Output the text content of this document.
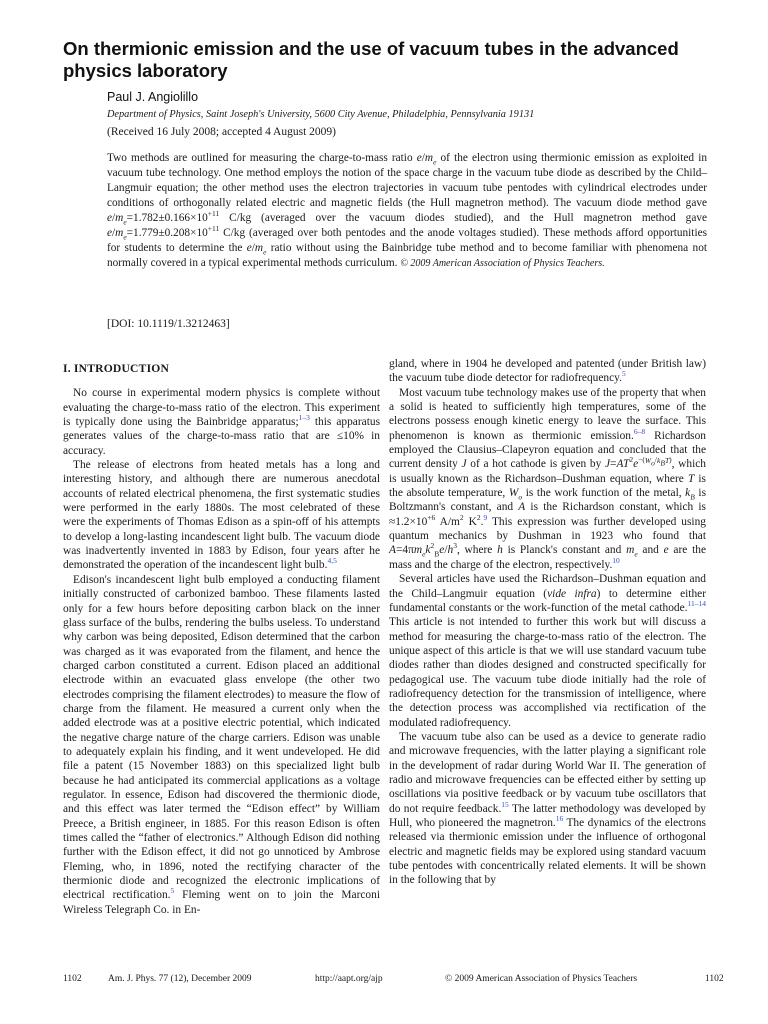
On thermionic emission and the use of vacuum tubes in the advanced physics laboratory
Paul J. Angiolillo
Department of Physics, Saint Joseph's University, 5600 City Avenue, Philadelphia, Pennsylvania 19131
(Received 16 July 2008; accepted 4 August 2009)

Two methods are outlined for measuring the charge-to-mass ratio $e/m_e$ of the electron using thermionic emission as exploited in vacuum tube technology. One method employs the notion of the space charge in the vacuum tube diode as described by the Child–Langmuir equation; the other method uses the electron trajectories in vacuum tube pentodes with cylindrical electrodes under conditions of orthogonally related electric and magnetic fields (the Hull magnetron method). The vacuum diode method gave $e/m_e=1.782\pm 0.166\times 10^{+11}$ C/kg (averaged over the vacuum diodes studied), and the Hull magnetron method gave $e/m_e=1.779\pm 0.208\times 10^{+11}$ C/kg (averaged over both pentodes and the anode voltages studied). These methods afford opportunities for students to determine the $e/m_e$ ratio without using the Bainbridge tube method and to become familiar with phenomena not normally covered in a typical experimental methods curriculum. © 2009 American Association of Physics Teachers.

[DOI: 10.1119/1.3212463]
I. INTRODUCTION

No course in experimental modern physics is complete without evaluating the charge-to-mass ratio of the electron. This experiment is typically done using the Bainbridge apparatus;$^{1-3}$ this apparatus generates values of the charge-to-mass ratio that are ≤10% in accuracy.

The release of electrons from heated metals has a long and interesting history, and although there are numerous anecdotal accounts of related electrical phenomena, the first systematic studies were performed in the early 1880s. The most celebrated of these were the experiments of Thomas Edison as a spin-off of his attempts to develop a long-lasting incandescent light bulb. The vacuum diode was inadvertently invented in 1883 by Edison, four years after he demonstrated the operation of the incandescent light bulb.$^{4,5}$

Edison's incandescent light bulb employed a conducting filament initially constructed of carbonized bamboo. These filaments lasted only for a few hours before depositing carbon black on the inner glass surface of the bulbs, rendering the bulbs useless. To understand why carbon was being deposited, Edison determined that the carbon was charged as it was evaporated from the filament, and hence the charged carbon constituted a current. Edison placed an additional electrode within an evacuated glass envelope (the other two electrodes comprising the filament electrodes) to measure the flow of charge from the filament. He measured a current only when the added electrode was at a positive electric potential, which indicated the negative charge nature of the charge carriers. Edison was unable to adequately explain his finding, and it went undeveloped. He did file a patent (15 November 1883) on this specialized light bulb because he had anticipated its commercial applications as a voltage regulator. In essence, Edison had discovered the thermionic diode, and this effect was later termed the “Edison effect” by William Preece, a British engineer, in 1885. For this reason Edison is often times called the “father of electronics.” Although Edison did nothing further with the Edison effect, it did not go unnoticed by Ambrose Fleming, who, in 1896, noted the rectifying character of the thermionic diode and recognized the electronic implications of electrical rectification.$^5$ Fleming went on to join the Marconi Wireless Telegraph Co. in En-

gland, where in 1904 he developed and patented (under British law) the vacuum tube diode detector for radiofrequency.$^5$

Most vacuum tube technology makes use of the property that when a solid is heated to sufficiently high temperatures, some of the electrons possess enough kinetic energy to leave the surface. This phenomenon is known as thermionic emission.$^{6-8}$ Richardson employed the Clausius–Clapeyron equation and concluded that the current density J of a hot cathode is given by $J=AT^2e^{-(W_o/k_BT)}$, which is usually known as the Richardson–Dushman equation, where T is the absolute temperature, $W_o$ is the work function of the metal, $k_B$ is Boltzmann's constant, and A is the Richardson constant, which is $\approx 1.2\times 10^{+6}$ $A/m^2$ $K^2.^9$ This expression was further developed using quantum mechanics by Dushman in 1923 who found that $A=4\pi m_ek^2_Be/h^3$, where h is Planck's constant and $m_e$ and e are the mass and the charge of the electron, respectively.$^{10}$

Several articles have used the Richardson–Dushman equation and the Child–Langmuir equation (vide infra) to determine either fundamental constants or the work-function of the metal cathode.$^{11-14}$ This article is not intended to further this work but will discuss a method for measuring the charge-to-mass ratio of the electron. The unique aspect of this article is that we will use standard vacuum tube diodes rather than diodes designed and constructed specifically for pedagogical use. The vacuum tube diode initially had the role of radiofrequency detection for the transmission of intelligence, where the detection process was accomplished via rectification of the modulated radiofrequency.

The vacuum tube also can be used as a device to generate radio and microwave frequencies, with the latter playing a significant role in the development of radar during World War II. The generation of radio and microwave frequencies can be effected either by setting up oscillations via positive feedback or by vacuum tube oscillators that do not require feedback.$^{15}$ The latter methodology was developed by Hull, who pioneered the magnetron.$^{16}$ The dynamics of the electrons released via thermionic emission under the influence of orthogonal electric and magnetic fields may be explored using standard vacuum tube pentodes with concentrically related elements. It will be shown in the following that by

1102	Am. J. Phys. 77 (12), December 2009	http://aapt.org/ajp	© 2009 American Association of Physics Teachers	1102
